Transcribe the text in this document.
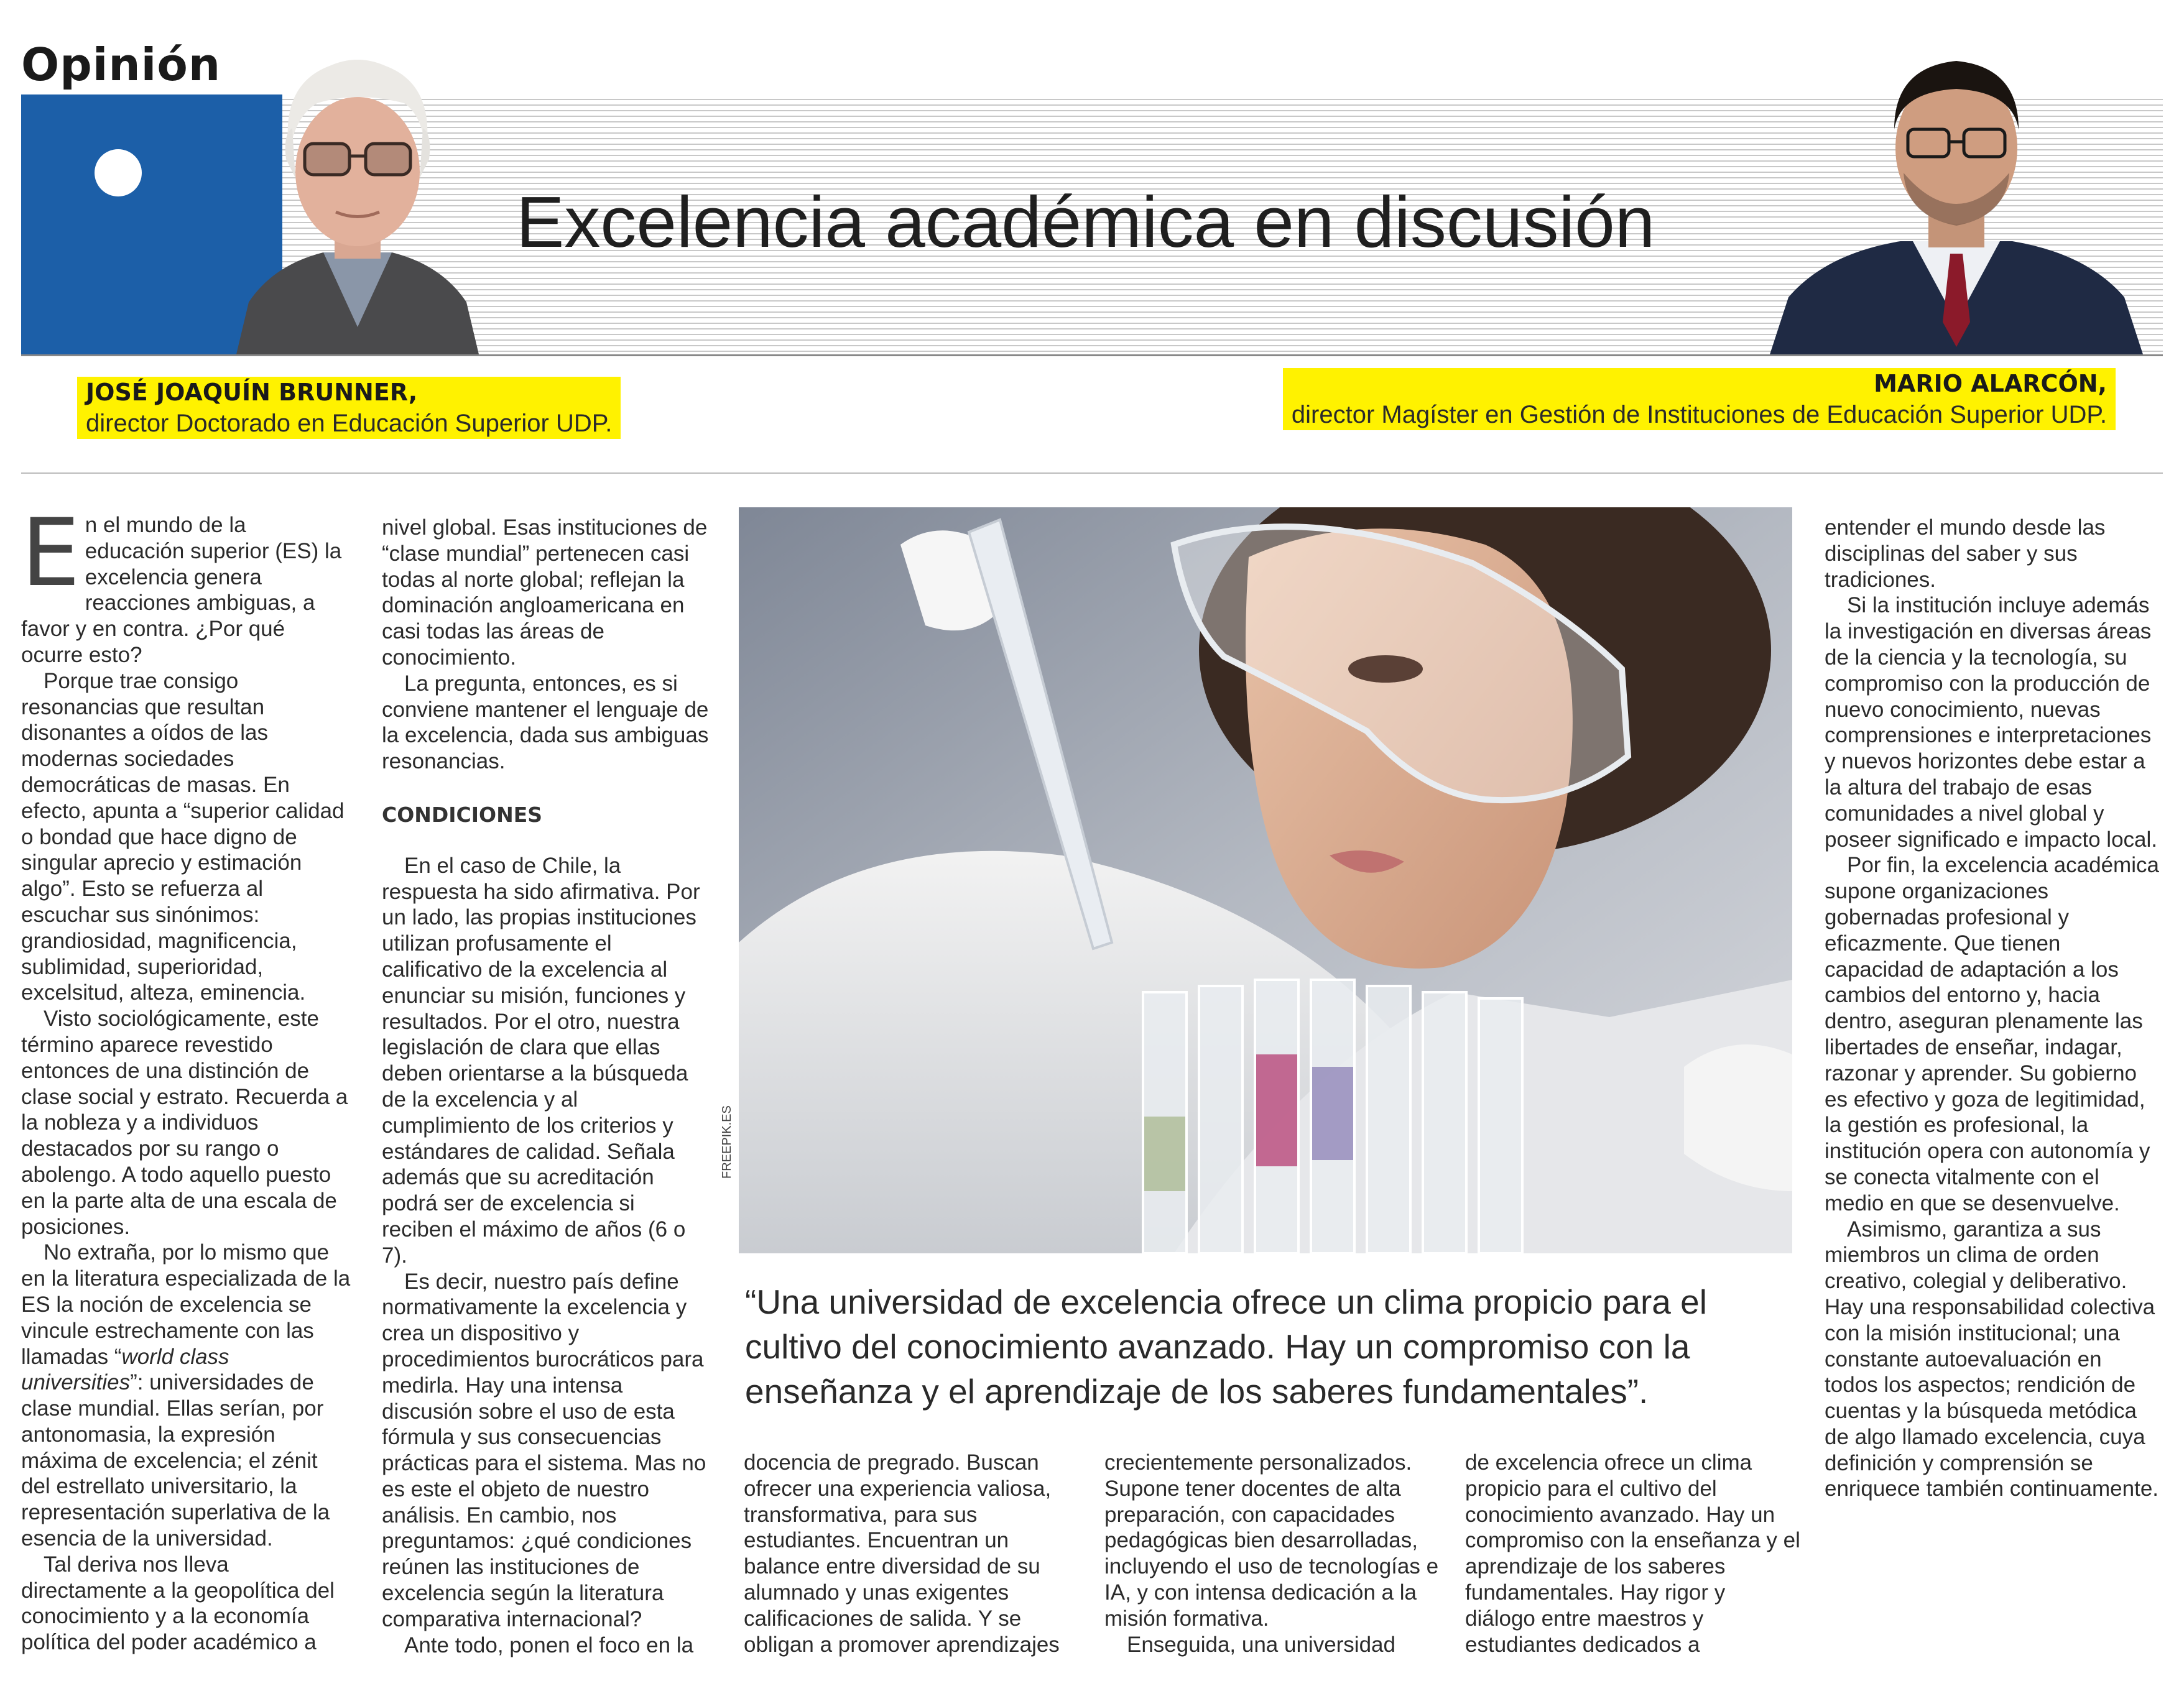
Opinión
Excelencia académica en discusión
JOSÉ JOAQUÍN BRUNNER,
director Doctorado en Educación Superior UDP.
MARIO ALARCÓN,
director Magíster en Gestión de Instituciones de Educación Superior UDP.

En el mundo de la educación superior (ES) la excelencia genera reacciones ambiguas, a favor y en contra. ¿Por qué ocurre esto?

Porque trae consigo resonancias que resultan disonantes a oídos de las modernas sociedades democráticas de masas. En efecto, apunta a “superior calidad o bondad que hace digno de singular aprecio y estimación algo”. Esto se refuerza al escuchar sus sinónimos: grandiosidad, magnificencia, sublimidad, superioridad, excelsitud, alteza, eminencia.

Visto sociológicamente, este término aparece revestido entonces de una distinción de clase social y estrato. Recuerda a la nobleza y a individuos destacados por su rango o abolengo. A todo aquello puesto en la parte alta de una escala de posiciones.

No extraña, por lo mismo que en la literatura especializada de la ES la noción de excelencia se vincule estrechamente con las llamadas “world class universities”: universidades de clase mundial. Ellas serían, por antonomasia, la expresión máxima de excelencia; el zénit del estrellato universitario, la representación superlativa de la esencia de la universidad.

Tal deriva nos lleva directamente a la geopolítica del conocimiento y a la economía política del poder académico a

nivel global. Esas instituciones de “clase mundial” pertenecen casi todas al norte global; reflejan la dominación angloamericana en casi todas las áreas de conocimiento.

La pregunta, entonces, es si conviene mantener el lenguaje de la excelencia, dada sus ambiguas resonancias.

CONDICIONES

En el caso de Chile, la respuesta ha sido afirmativa. Por un lado, las propias instituciones utilizan profusamente el calificativo de la excelencia al enunciar su misión, funciones y resultados. Por el otro, nuestra legislación de clara que ellas deben orientarse a la búsqueda de la excelencia y al cumplimiento de los criterios y estándares de calidad. Señala además que su acreditación podrá ser de excelencia si reciben el máximo de años (6 o 7).

Es decir, nuestro país define normativamente la excelencia y crea un dispositivo y procedimientos burocráticos para medirla. Hay una intensa discusión sobre el uso de esta fórmula y sus consecuencias prácticas para el sistema. Mas no es este el objeto de nuestro análisis. En cambio, nos preguntamos: ¿qué condiciones reúnen las instituciones de excelencia según la literatura comparativa internacional?

Ante todo, ponen el foco en la

FREEPIK.ES
“Una universidad de excelencia ofrece un clima propicio para el cultivo del conocimiento avanzado. Hay un compromiso con la enseñanza y el aprendizaje de los saberes fundamentales”.

docencia de pregrado. Buscan ofrecer una experiencia valiosa, transformativa, para sus estudiantes. Encuentran un balance entre diversidad de su alumnado y unas exigentes calificaciones de salida. Y se obligan a promover aprendizajes

crecientemente personalizados. Supone tener docentes de alta preparación, con capacidades pedagógicas bien desarrolladas, incluyendo el uso de tecnologías e IA, y con intensa dedicación a la misión formativa.

Enseguida, una universidad

de excelencia ofrece un clima propicio para el cultivo del conocimiento avanzado. Hay un compromiso con la enseñanza y el aprendizaje de los saberes fundamentales. Hay rigor y diálogo entre maestros y estudiantes dedicados a

entender el mundo desde las disciplinas del saber y sus tradiciones.

Si la institución incluye además la investigación en diversas áreas de la ciencia y la tecnología, su compromiso con la producción de nuevo conocimiento, nuevas comprensiones e interpretaciones y nuevos horizontes debe estar a la altura del trabajo de esas comunidades a nivel global y poseer significado e impacto local.

Por fin, la excelencia académica supone organizaciones gobernadas profesional y eficazmente. Que tienen capacidad de adaptación a los cambios del entorno y, hacia dentro, aseguran plenamente las libertades de enseñar, indagar, razonar y aprender. Su gobierno es efectivo y goza de legitimidad, la gestión es profesional, la institución opera con autonomía y se conecta vitalmente con el medio en que se desenvuelve.

Asimismo, garantiza a sus miembros un clima de orden creativo, colegial y deliberativo. Hay una responsabilidad colectiva con la misión institucional; una constante autoevaluación en todos los aspectos; rendición de cuentas y la búsqueda metódica de algo llamado excelencia, cuya definición y comprensión se enriquece también continuamente.
